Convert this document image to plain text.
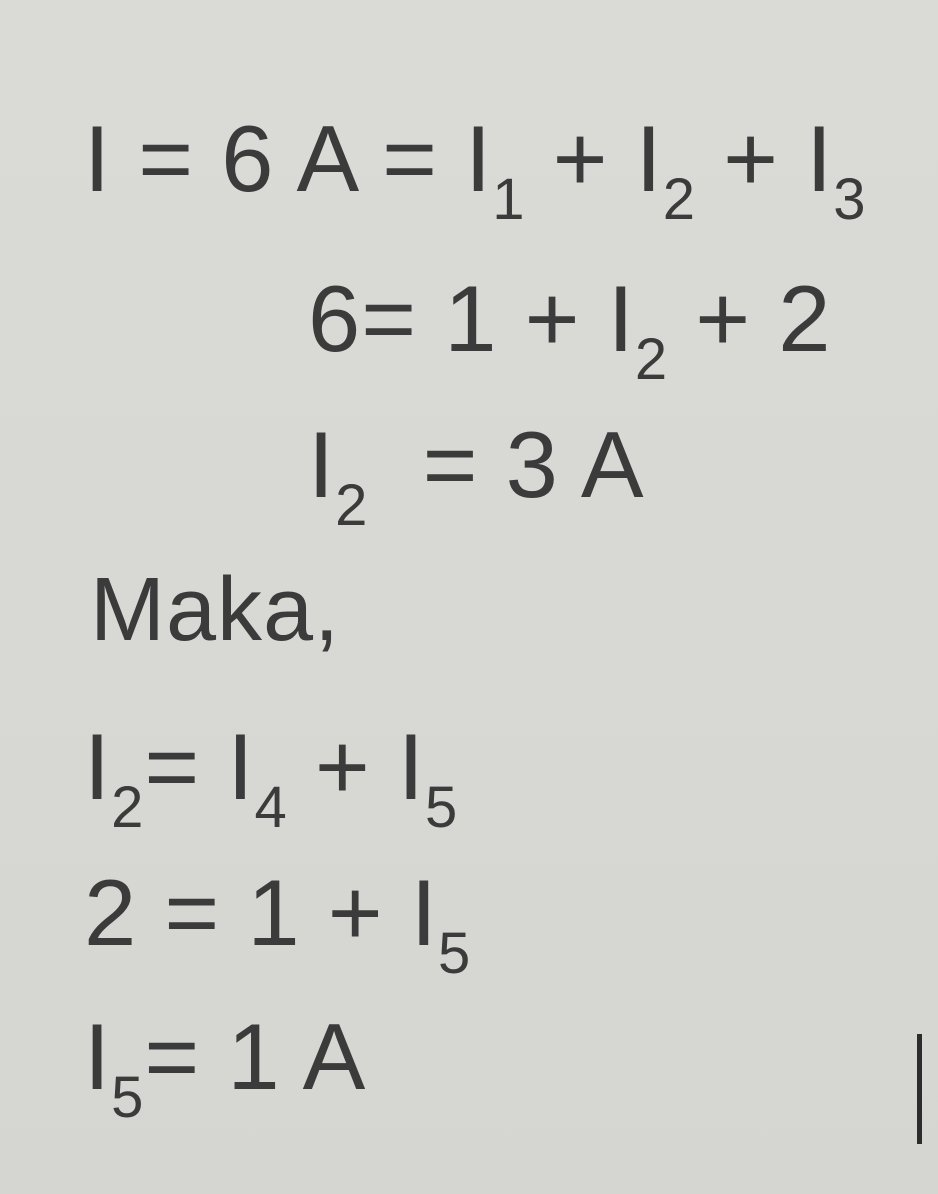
I = 6 $A = I_1 + I_2 + I_3$
$6= 1 + I_2 + 2$
$I_2 = 3$ A
Maka,
$I_2= I_4 + I_5$
$2 = 1 + I_5$
$I_5= 1$ A
